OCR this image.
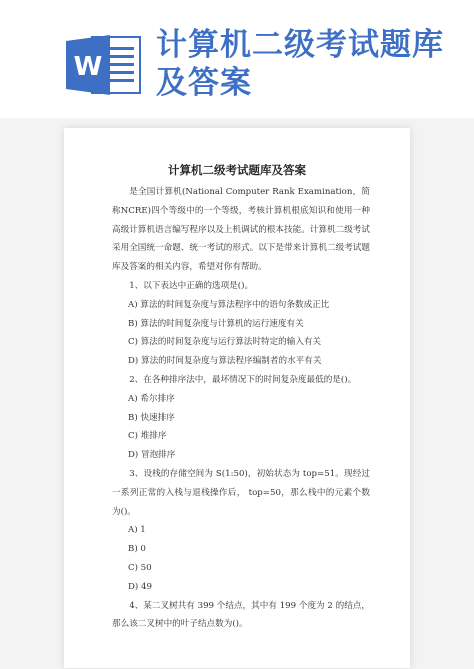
W
计算机二级考试题库及答案
计算机二级考试题库及答案

是全国计算机(National Computer Rank Examination，简称NCRE)四个等级中的一个等级，考核计算机根底知识和使用一种高级计算机语言编写程序以及上机调试的根本技能。计算机二级考试采用全国统一命题、统一考试的形式。以下是带来计算机二级考试题库及答案的相关内容，希望对你有帮助。

1、以下表达中正确的选项是()。

A) 算法的时间复杂度与算法程序中的语句条数成正比

B) 算法的时间复杂度与计算机的运行速度有关

C) 算法的时间复杂度与运行算法时特定的输入有关

D) 算法的时间复杂度与算法程序编制者的水平有关

2、在各种排序法中，最坏情况下的时间复杂度最低的是()。

A) 希尔排序

B) 快速排序

C) 堆排序

D) 冒泡排序

3、设栈的存储空间为 S(1:50)，初始状态为 top=51。现经过一系列正常的入栈与退栈操作后， top=50，那么栈中的元素个数为()。

A) 1

B) 0

C) 50

D) 49

4、某二叉树共有 399 个结点，其中有 199 个度为 2 的结点，那么该二叉树中的叶子结点数为()。
